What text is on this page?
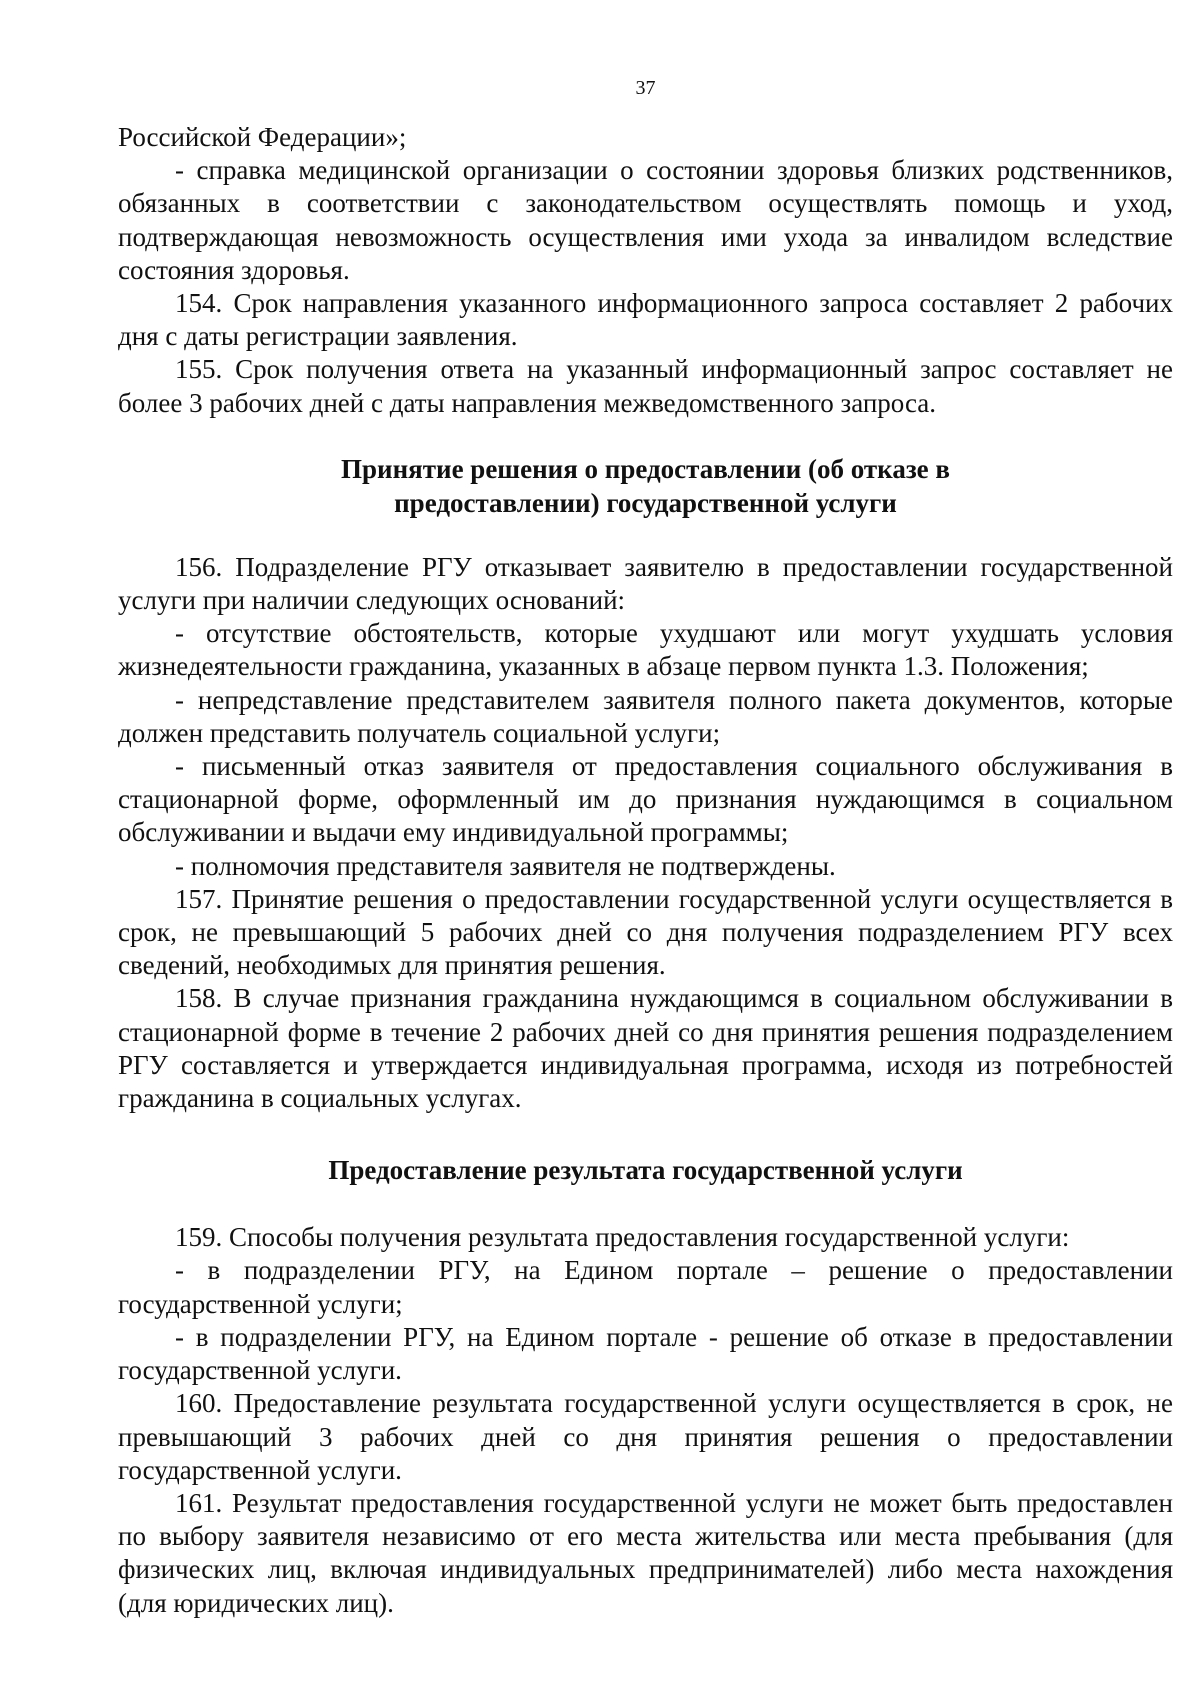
37

Российской Федерации»;

- справка медицинской организации о состоянии здоровья близких родственников, обязанных в соответствии с законодательством осуществлять помощь и уход, подтверждающая невозможность осуществления ими ухода за инвалидом вследствие состояния здоровья.

154. Срок направления указанного информационного запроса составляет 2 рабочих дня с даты регистрации заявления.

155. Срок получения ответа на указанный информационный запрос составляет не более 3 рабочих дней с даты направления межведомственного запроса.

Принятие решения о предоставлении (об отказе в
предоставлении) государственной услуги

156. Подразделение РГУ отказывает заявителю в предоставлении государственной услуги при наличии следующих оснований:

- отсутствие обстоятельств, которые ухудшают или могут ухудшать условия жизнедеятельности гражданина, указанных в абзаце первом пункта 1.3. Положения;

- непредставление представителем заявителя полного пакета документов, которые должен представить получатель социальной услуги;

- письменный отказ заявителя от предоставления социального обслуживания в стационарной форме, оформленный им до признания нуждающимся в социальном обслуживании и выдачи ему индивидуальной программы;

- полномочия представителя заявителя не подтверждены.

157. Принятие решения о предоставлении государственной услуги осуществляется в срок, не превышающий 5 рабочих дней со дня получения подразделением РГУ всех сведений, необходимых для принятия решения.

158. В случае признания гражданина нуждающимся в социальном обслуживании в стационарной форме в течение 2 рабочих дней со дня принятия решения подразделением РГУ составляется и утверждается индивидуальная программа, исходя из потребностей гражданина в социальных услугах.

Предоставление результата государственной услуги

159. Способы получения результата предоставления государственной услуги:

- в подразделении РГУ, на Едином портале – решение о предоставлении государственной услуги;

- в подразделении РГУ, на Едином портале - решение об отказе в предоставлении государственной услуги.

160. Предоставление результата государственной услуги осуществляется в срок, не превышающий 3 рабочих дней со дня принятия решения о предоставлении государственной услуги.

161. Результат предоставления государственной услуги не может быть предоставлен по выбору заявителя независимо от его места жительства или места пребывания (для физических лиц, включая индивидуальных предпринимателей) либо места нахождения (для юридических лиц).
